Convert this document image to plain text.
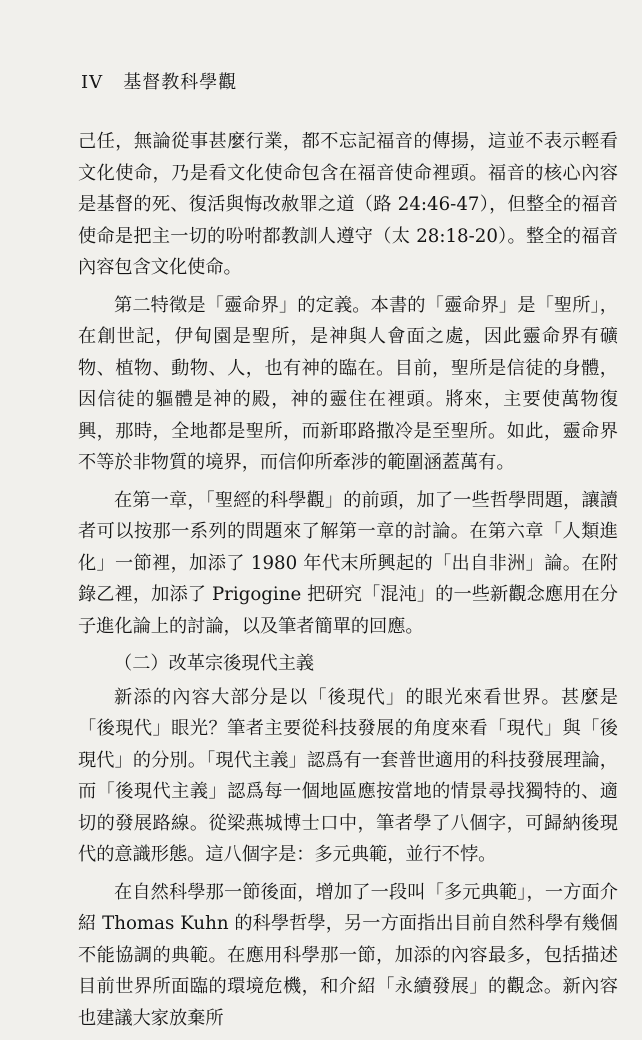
IV 基督教科學觀

己任，無論從事甚麼行業，都不忘記福音的傳揚，這並不表示輕看文化使命，乃是看文化使命包含在福音使命裡頭。福音的核心內容是基督的死、復活與悔改赦罪之道（路 24:46-47），但整全的福音使命是把主一切的吩咐都教訓人遵守（太 28:18-20）。整全的福音內容包含文化使命。

第二特徵是「靈命界」的定義。本書的「靈命界」是「聖所」，在創世記，伊甸園是聖所，是神與人會面之處，因此靈命界有礦物、植物、動物、人，也有神的臨在。目前，聖所是信徒的身體，因信徒的軀體是神的殿，神的靈住在裡頭。將來，主要使萬物復興，那時，全地都是聖所，而新耶路撒冷是至聖所。如此，靈命界不等於非物質的境界，而信仰所牽涉的範圍涵蓋萬有。

在第一章，「聖經的科學觀」的前頭，加了一些哲學問題，讓讀者可以按那一系列的問題來了解第一章的討論。在第六章「人類進化」一節裡，加添了 1980 年代末所興起的「出自非洲」論。在附錄乙裡，加添了 Prigogine 把研究「混沌」的一些新觀念應用在分子進化論上的討論，以及筆者簡單的回應。

（二）改革宗後現代主義

新添的內容大部分是以「後現代」的眼光來看世界。甚麼是「後現代」眼光？筆者主要從科技發展的角度來看「現代」與「後現代」的分別。「現代主義」認爲有一套普世適用的科技發展理論，而「後現代主義」認爲每一個地區應按當地的情景尋找獨特的、適切的發展路線。從梁燕城博士口中，筆者學了八個字，可歸納後現代的意識形態。這八個字是：多元典範，並行不悖。

在自然科學那一節後面，增加了一段叫「多元典範」，一方面介紹 Thomas Kuhn 的科學哲學，另一方面指出目前自然科學有幾個不能協調的典範。在應用科學那一節，加添的內容最多，包括描述目前世界所面臨的環境危機，和介紹「永續發展」的觀念。新內容也建議大家放棄所
